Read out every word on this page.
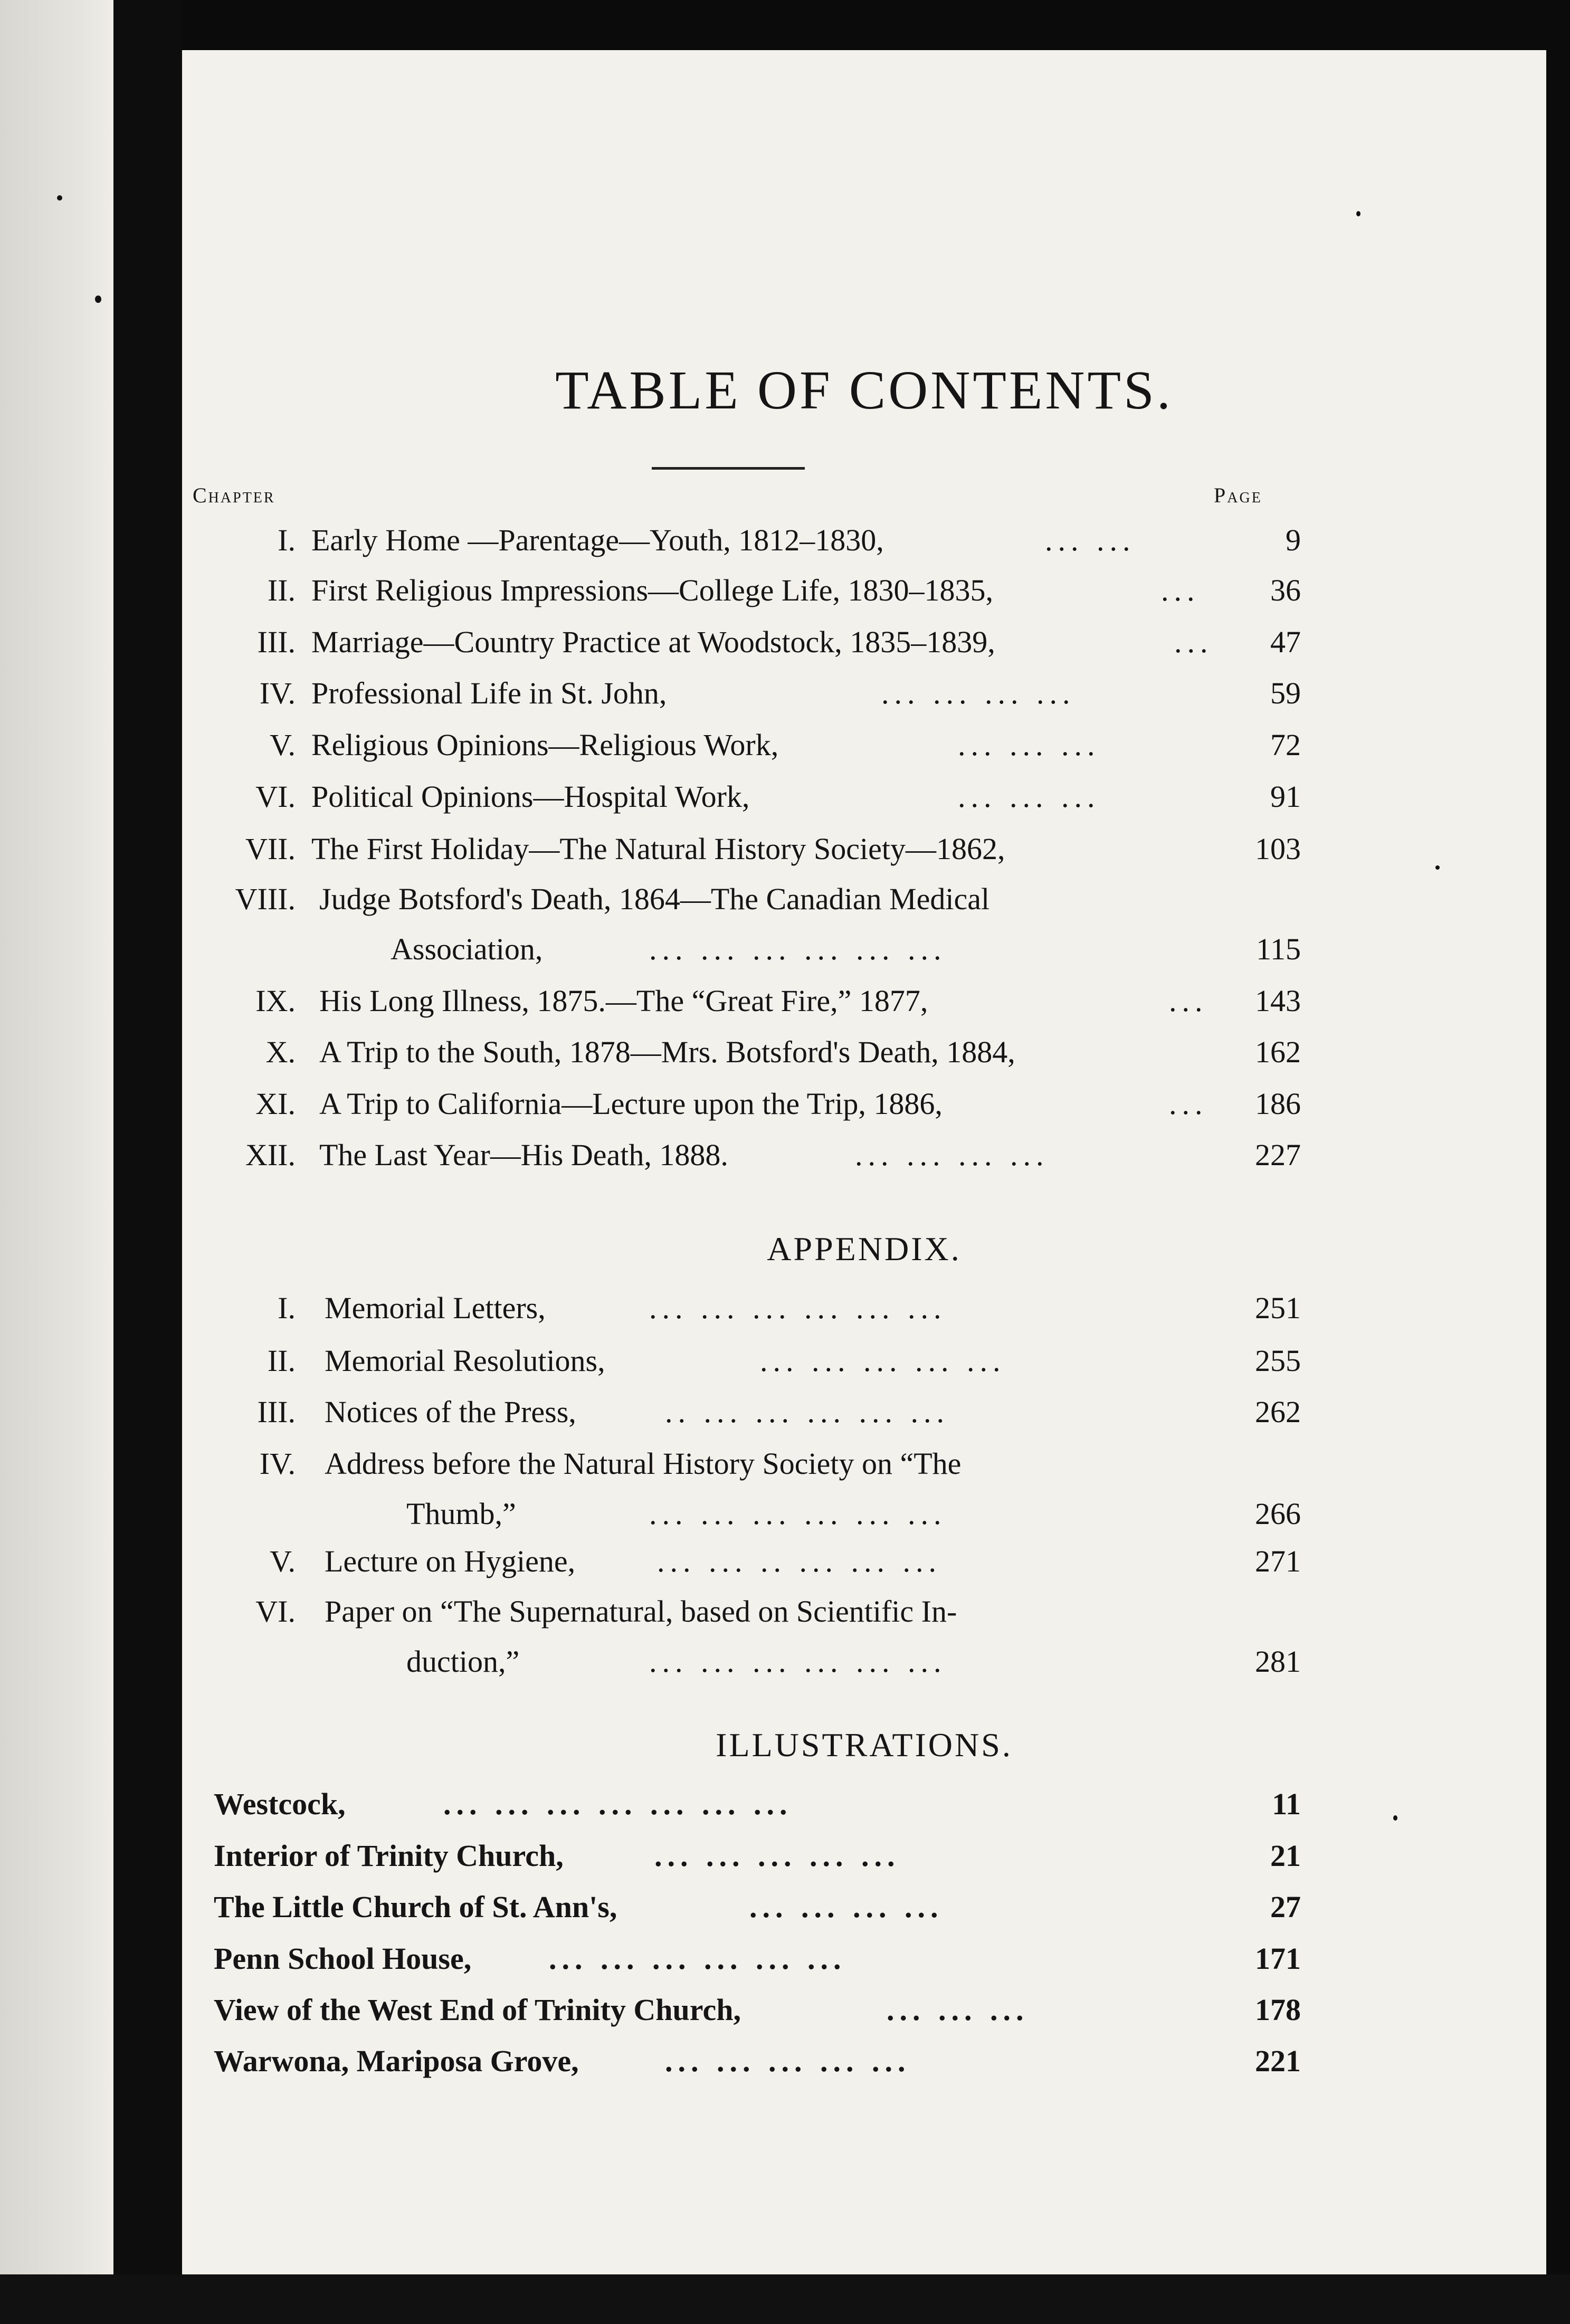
TABLE OF CONTENTS.
Chapter	Page
I. Early Home —Parentage—Youth, 1812–1830,	... ...	9
II. First Religious Impressions—College Life, 1830–1835,	...	36
III. Marriage—Country Practice at Woodstock, 1835–1839,	...	47
IV. Professional Life in St. John,	... ... ... ...	59
V. Religious Opinions—Religious Work,	... ... ...	72
VI. Political Opinions—Hospital Work,	... ... ...	91
VII. The First Holiday—The Natural History Society—1862,	103
VIII. Judge Botsford's Death, 1864—The Canadian Medical
Association,	... ... ... ... ... ...	115
IX. His Long Illness, 1875.—The “Great Fire,” 1877,	...	143
X. A Trip to the South, 1878—Mrs. Botsford's Death, 1884,	162
XI. A Trip to California—Lecture upon the Trip, 1886,	...	186
XII. The Last Year—His Death, 1888.	... ... ... ...	227
APPENDIX.
I. Memorial Letters,	... ... ... ... ... ...	251
II. Memorial Resolutions,	... ... ... ... ...	255
III. Notices of the Press,	.. ... ... ... ... ...	262
IV. Address before the Natural History Society on “The
Thumb,”	... ... ... ... ... ...	266
V. Lecture on Hygiene,	... ... .. ... ... ...	271
VI. Paper on “The Supernatural, based on Scientific In-
duction,”	... ... ... ... ... ...	281
ILLUSTRATIONS.
Westcock,	... ... ... ... ... ... ...	11
Interior of Trinity Church,	... ... ... ... ...	21
The Little Church of St. Ann's,	... ... ... ...	27
Penn School House,	... ... ... ... ... ...	171
View of the West End of Trinity Church,	... ... ...	178
Warwona, Mariposa Grove,	... ... ... ... ...	221
